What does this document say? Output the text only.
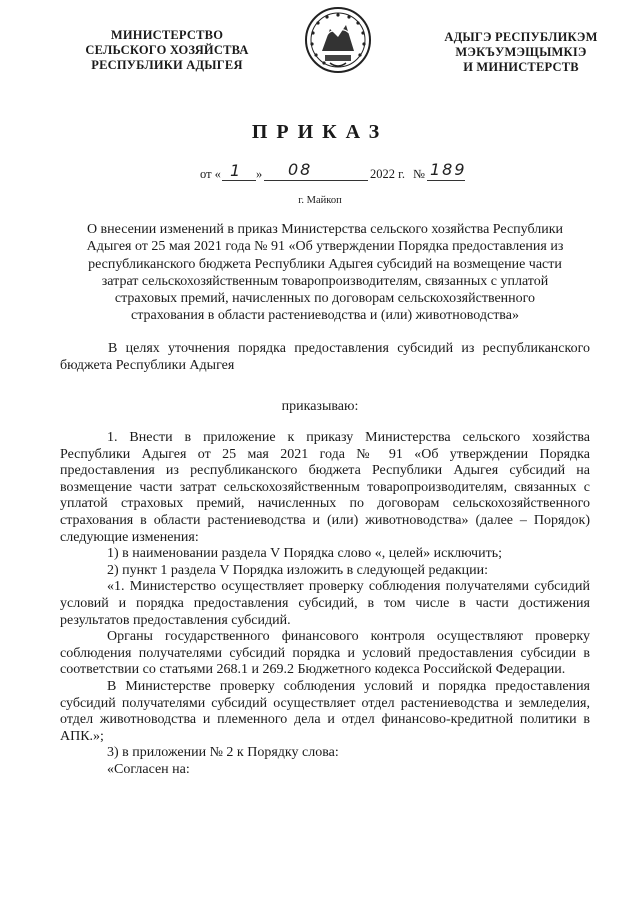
МИНИСТЕРСТВО
СЕЛЬСКОГО ХОЗЯЙСТВА
РЕСПУБЛИКИ АДЫГЕЯ
АДЫГЭ РЕСПУБЛИКЭМ
МЭКЪУМЭЩЫМКIЭ
И МИНИСТЕРСТВ
ПРИКАЗ
от « 1 » 08	2022 г. № 189
г. Майкоп
О внесении изменений в приказ Министерства сельского хозяйства Республики
Адыгея от 25 мая 2021 года № 91 «Об утверждении Порядка предоставления из
республиканского бюджета Республики Адыгея субсидий на возмещение части
затрат сельскохозяйственным товаропроизводителям, связанных с уплатой
страховых премий, начисленных по договорам сельскохозяйственного
страхования в области растениеводства и (или) животноводства»
В целях уточнения порядка предоставления субсидий из республиканского бюджета Республики Адыгея
приказываю:

1. Внести в приложение к приказу Министерства сельского хозяйства Республики Адыгея от 25 мая 2021 года № 91 «Об утверждении Порядка предоставления из республиканского бюджета Республики Адыгея субсидий на возмещение части затрат сельскохозяйственным товаропроизводителям, связанных с уплатой страховых премий, начисленных по договорам сельскохозяйственного страхования в области растениеводства и (или) животноводства» (далее – Порядок) следующие изменения:

1) в наименовании раздела V Порядка слово «, целей» исключить;

2) пункт 1 раздела V Порядка изложить в следующей редакции:

«1. Министерство осуществляет проверку соблюдения получателями субсидий условий и порядка предоставления субсидий, в том числе в части достижения результатов предоставления субсидий.

Органы государственного финансового контроля осуществляют проверку соблюдения получателями субсидий порядка и условий предоставления субсидии в соответствии со статьями 268.1 и 269.2 Бюджетного кодекса Российской Федерации.

В Министерстве проверку соблюдения условий и порядка предоставления субсидий получателями субсидий осуществляет отдел растениеводства и земледелия, отдел животноводства и племенного дела и отдел финансово-кредитной политики в АПК.»;

3) в приложении № 2 к Порядку слова:

«Согласен на:
